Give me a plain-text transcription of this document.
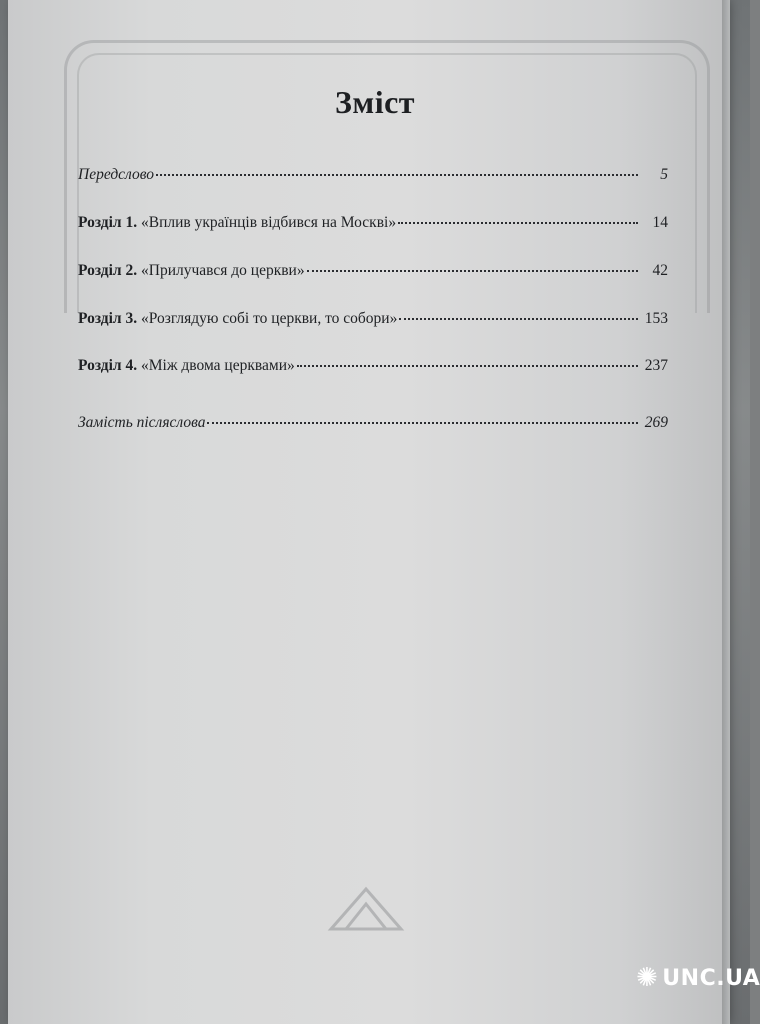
Зміст
Передслово	5
Розділ 1. «Вплив українців відбився на Москві»	14
Розділ 2. «Прилучався до церкви»	42
Розділ 3. «Розглядую собі то церкви, то собори»	153
Розділ 4. «Між двома церквами»	237
Замість післяслова	269
✺ UNC.UA
